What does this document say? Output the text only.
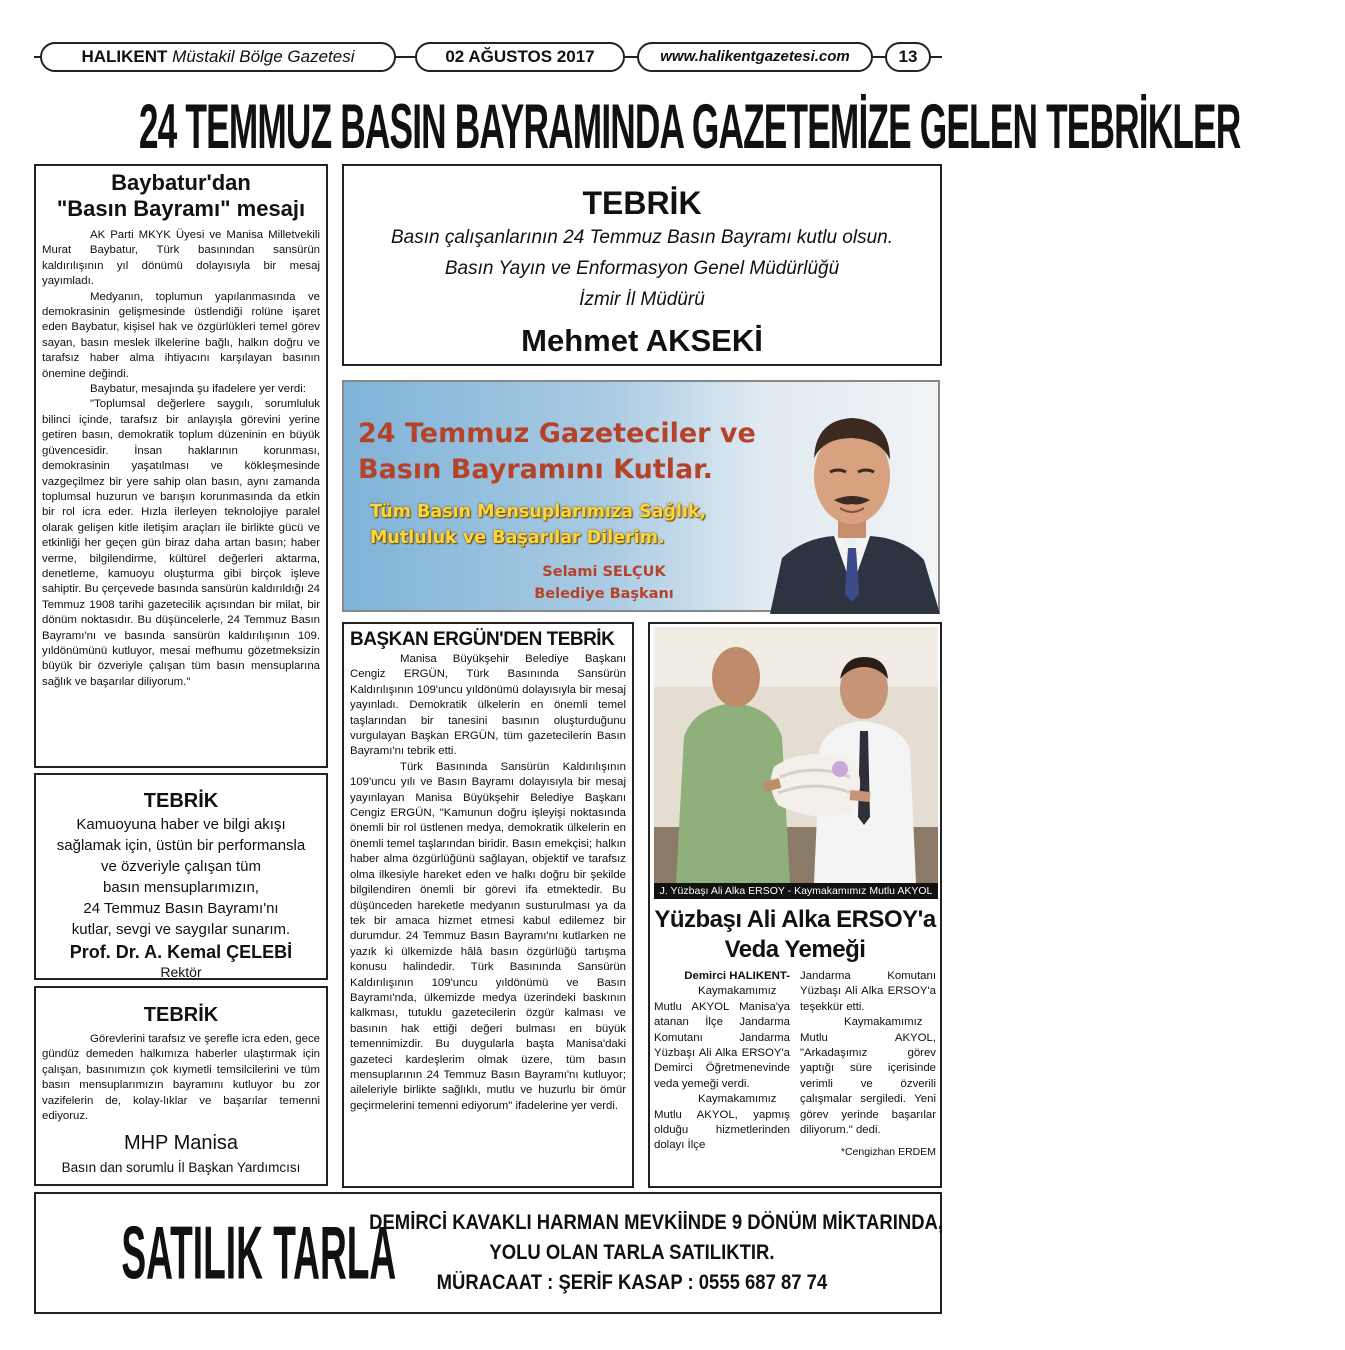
HALIKENT Müstakil Bölge Gazetesi	02 AĞUSTOS 2017	www.halikentgazetesi.com	13
24 TEMMUZ BASIN BAYRAMINDA GAZETEMİZE GELEN TEBRİKLER
Baybatur'dan
"Basın Bayramı" mesajı

AK Parti MKYK Üyesi ve Manisa Milletvekili Murat Baybatur, Türk basınından sansürün kaldırılışının yıl dönümü dolayısıyla bir mesaj yayımladı.

Medyanın, toplumun yapılanmasında ve demokrasinin gelişmesinde üstlendiği rolüne işaret eden Baybatur, kişisel hak ve özgürlükleri temel görev sayan, basın meslek ilkelerine bağlı, halkın doğru ve tarafsız haber alma ihtiyacını karşılayan basının önemine değindi.

Baybatur, mesajında şu ifadelere yer verdi:

"Toplumsal değerlere saygılı, sorumluluk bilinci içinde, tarafsız bir anlayışla görevini yerine getiren basın, demokratik toplum düzeninin en büyük güvencesidir. İnsan haklarının korunması, demokrasinin yaşatılması ve kökleşmesinde vazgeçilmez bir yere sahip olan basın, aynı zamanda toplumsal huzurun ve barışın korunmasında da etkin bir rol icra eder. Hızla ilerleyen teknolojiye paralel olarak gelişen kitle iletişim araçları ile birlikte gücü ve etkinliği her geçen gün biraz daha artan basın; haber verme, bilgilendirme, kültürel değerleri aktarma, denetleme, kamuoyu oluşturma gibi birçok işleve sahiptir. Bu çerçevede basında sansürün kaldırıldığı 24 Temmuz 1908 tarihi gazetecilik açısından bir milat, bir dönüm noktasıdır. Bu düşüncelerle, 24 Temmuz Basın Bayramı'nı ve basında sansürün kaldırılışının 109. yıldönümünü kutluyor, mesai mefhumu gözetmeksizin büyük bir özveriyle çalışan tüm basın mensuplarına sağlık ve başarılar diliyorum."

TEBRİK
Kamuoyuna haber ve bilgi akışı
sağlamak için, üstün bir performansla
ve özveriyle çalışan tüm
basın mensuplarımızın,
24 Temmuz Basın Bayramı'nı
kutlar, sevgi ve saygılar sunarım.
Prof. Dr. A. Kemal ÇELEBİ
Rektör
TEBRİK

Görevlerini tarafsız ve şerefle icra eden, gece gündüz demeden halkımıza haberler ulaştırmak için çalışan, basınımızın çok kıymetli temsilcilerini ve tüm basın mensuplarımızın bayramını kutluyor bu zor vazifelerin de, kolay-lıklar ve başarılar temenni ediyoruz.

MHP Manisa
Basın dan sorumlu İl Başkan Yardımcısı
TEBRİK
Basın çalışanlarının 24 Temmuz Basın Bayramı kutlu olsun.
Basın Yayın ve Enformasyon Genel Müdürlüğü
İzmir İl Müdürü
Mehmet AKSEKİ
24 Temmuz Gazeteciler ve
Basın Bayramını Kutlar.
Tüm Basın Mensuplarımıza Sağlık,
Mutluluk ve Başarılar Dilerim.
Selami SELÇUK
Belediye Başkanı
BAŞKAN ERGÜN'DEN TEBRİK

Manisa Büyükşehir Belediye Başkanı Cengiz ERGÜN, Türk Basınında Sansürün Kaldırılışının 109'uncu yıldönümü dolayısıyla bir mesaj yayınladı. Demokratik ülkelerin en önemli temel taşlarından bir tanesini basının oluşturduğunu vurgulayan Başkan ERGÜN, tüm gazetecilerin Basın Bayramı'nı tebrik etti.

Türk Basınında Sansürün Kaldırılışının 109'uncu yılı ve Basın Bayramı dolayısıyla bir mesaj yayınlayan Manisa Büyükşehir Belediye Başkanı Cengiz ERGÜN, "Kamunun doğru işleyişi noktasında önemli bir rol üstlenen medya, demokratik ülkelerin en önemli temel taşlarından biridir. Basın emekçisi; halkın haber alma özgürlüğünü sağlayan, objektif ve tarafsız olma ilkesiyle hareket eden ve halkı doğru bir şekilde bilgilendiren önemli bir görevi ifa etmektedir. Bu düşünceden hareketle medyanın susturulması ya da tek bir amaca hizmet etmesi kabul edilemez bir durumdur. 24 Temmuz Basın Bayramı'nı kutlarken ne yazık ki ülkemizde hâlâ basın özgürlüğü tartışma konusu halindedir. Türk Basınında Sansürün Kaldırılışının 109'uncu yıldönümü ve Basın Bayramı'nda, ülkemizde medya üzerindeki baskının kalkması, tutuklu gazetecilerin özgür kalması ve basının hak ettiği değeri bulması en büyük temennimizdir. Bu duygularla başta Manisa'daki gazeteci kardeşlerim olmak üzere, tüm basın mensuplarının 24 Temmuz Basın Bayramı'nı kutluyor; aileleriyle birlikte sağlıklı, mutlu ve huzurlu bir ömür geçirmelerini temenni ediyorum" ifadelerine yer verdi.

J. Yüzbaşı Ali Alka ERSOY - Kaymakamımız Mutlu AKYOL
Yüzbaşı Ali Alka ERSOY'a
Veda Yemeği

Demirci HALIKENT-

Kaymakamımız Mutlu AKYOL Manisa'ya atanan İlçe Jandarma Komutanı Jandarma Yüzbaşı Ali Alka ERSOY'a Demirci Öğretmenevinde veda yemeği verdi.

Kaymakamımız Mutlu AKYOL, yapmış olduğu hizmetlerinden dolayı İlçe

Jandarma Komutanı Yüzbaşı Ali Alka ERSOY'a teşekkür etti.

Kaymakamımız Mutlu AKYOL, "Arkadaşımız görev yaptığı süre içerisinde verimli ve özverili çalışmalar sergiledi. Yeni görev yerinde başarılar diliyorum." dedi.

*Cengizhan ERDEM
SATILIK TARLA
DEMİRCİ KAVAKLI HARMAN MEVKİİNDE 9 DÖNÜM MİKTARINDA,
YOLU OLAN TARLA SATILIKTIR.
MÜRACAAT : ŞERİF KASAP : 0555 687 87 74
